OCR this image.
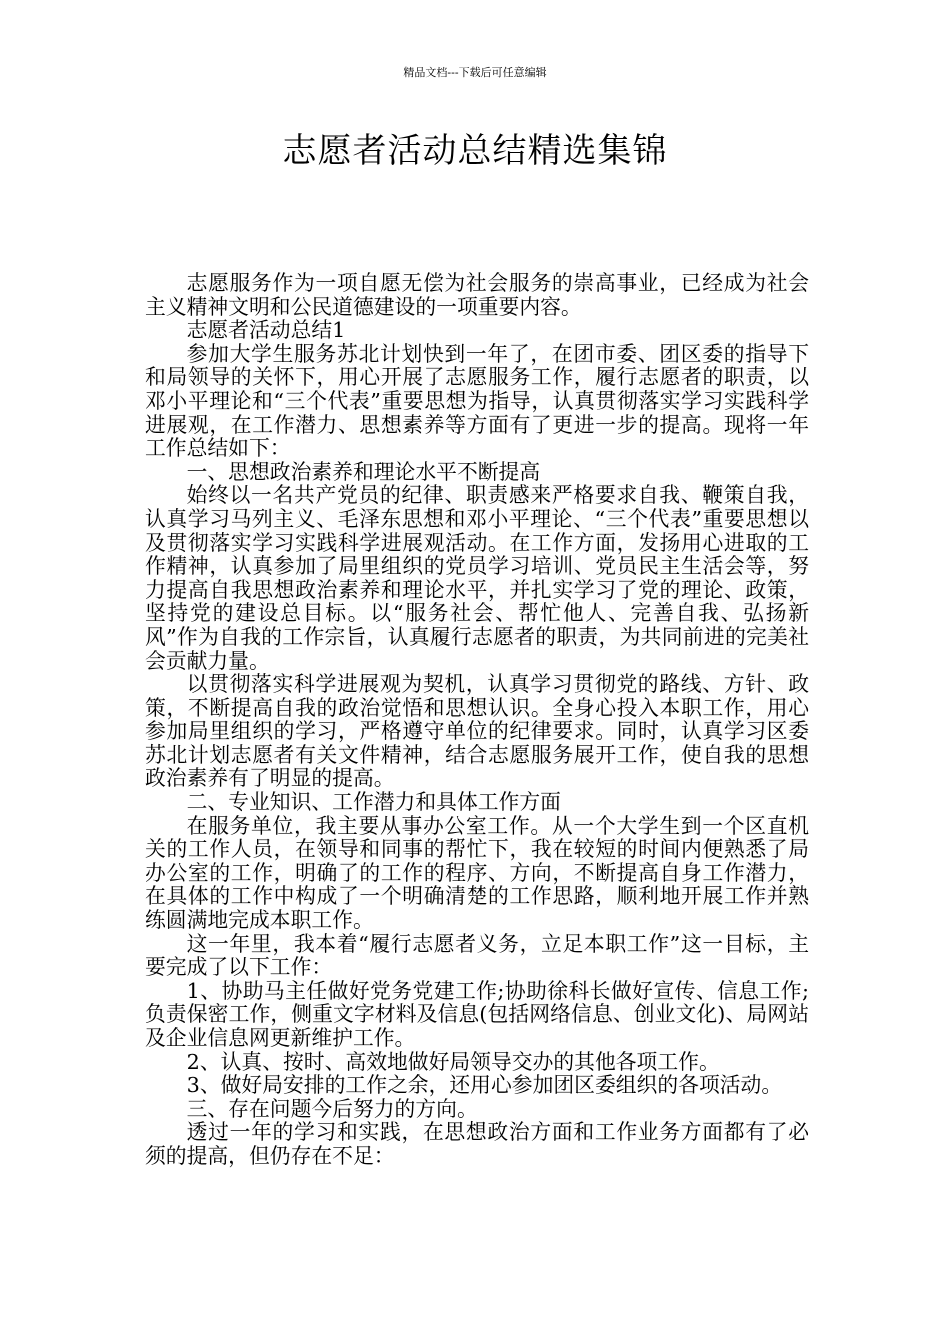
精品文档---下载后可任意编辑
志愿者活动总结精选集锦

志愿服务作为一项自愿无偿为社会服务的崇高事业，已经成为社会主义精神文明和公民道德建设的一项重要内容。

志愿者活动总结1

参加大学生服务苏北计划快到一年了，在团市委、团区委的指导下和局领导的关怀下，用心开展了志愿服务工作，履行志愿者的职责，以邓小平理论和“三个代表”重要思想为指导，认真贯彻落实学习实践科学进展观，在工作潜力、思想素养等方面有了更进一步的提高。现将一年工作总结如下：

一、思想政治素养和理论水平不断提高

始终以一名共产党员的纪律、职责感来严格要求自我、鞭策自我，认真学习马列主义、毛泽东思想和邓小平理论、“三个代表”重要思想以及贯彻落实学习实践科学进展观活动。在工作方面，发扬用心进取的工作精神，认真参加了局里组织的党员学习培训、党员民主生活会等，努力提高自我思想政治素养和理论水平，并扎实学习了党的理论、政策，坚持党的建设总目标。以“服务社会、帮忙他人、完善自我、弘扬新风”作为自我的工作宗旨，认真履行志愿者的职责，为共同前进的完美社会贡献力量。

以贯彻落实科学进展观为契机，认真学习贯彻党的路线、方针、政策，不断提高自我的政治觉悟和思想认识。全身心投入本职工作，用心参加局里组织的学习，严格遵守单位的纪律要求。同时，认真学习区委苏北计划志愿者有关文件精神，结合志愿服务展开工作，使自我的思想政治素养有了明显的提高。

二、专业知识、工作潜力和具体工作方面

在服务单位，我主要从事办公室工作。从一个大学生到一个区直机关的工作人员，在领导和同事的帮忙下，我在较短的时间内便熟悉了局办公室的工作，明确了的工作的程序、方向，不断提高自身工作潜力，在具体的工作中构成了一个明确清楚的工作思路，顺利地开展工作并熟练圆满地完成本职工作。

这一年里，我本着“履行志愿者义务，立足本职工作”这一目标，主要完成了以下工作：

1、协助马主任做好党务党建工作;协助徐科长做好宣传、信息工作;负责保密工作，侧重文字材料及信息(包括网络信息、创业文化)、局网站及企业信息网更新维护工作。

2、认真、按时、高效地做好局领导交办的其他各项工作。

3、做好局安排的工作之余，还用心参加团区委组织的各项活动。

三、存在问题今后努力的方向。

透过一年的学习和实践，在思想政治方面和工作业务方面都有了必须的提高，但仍存在不足：
